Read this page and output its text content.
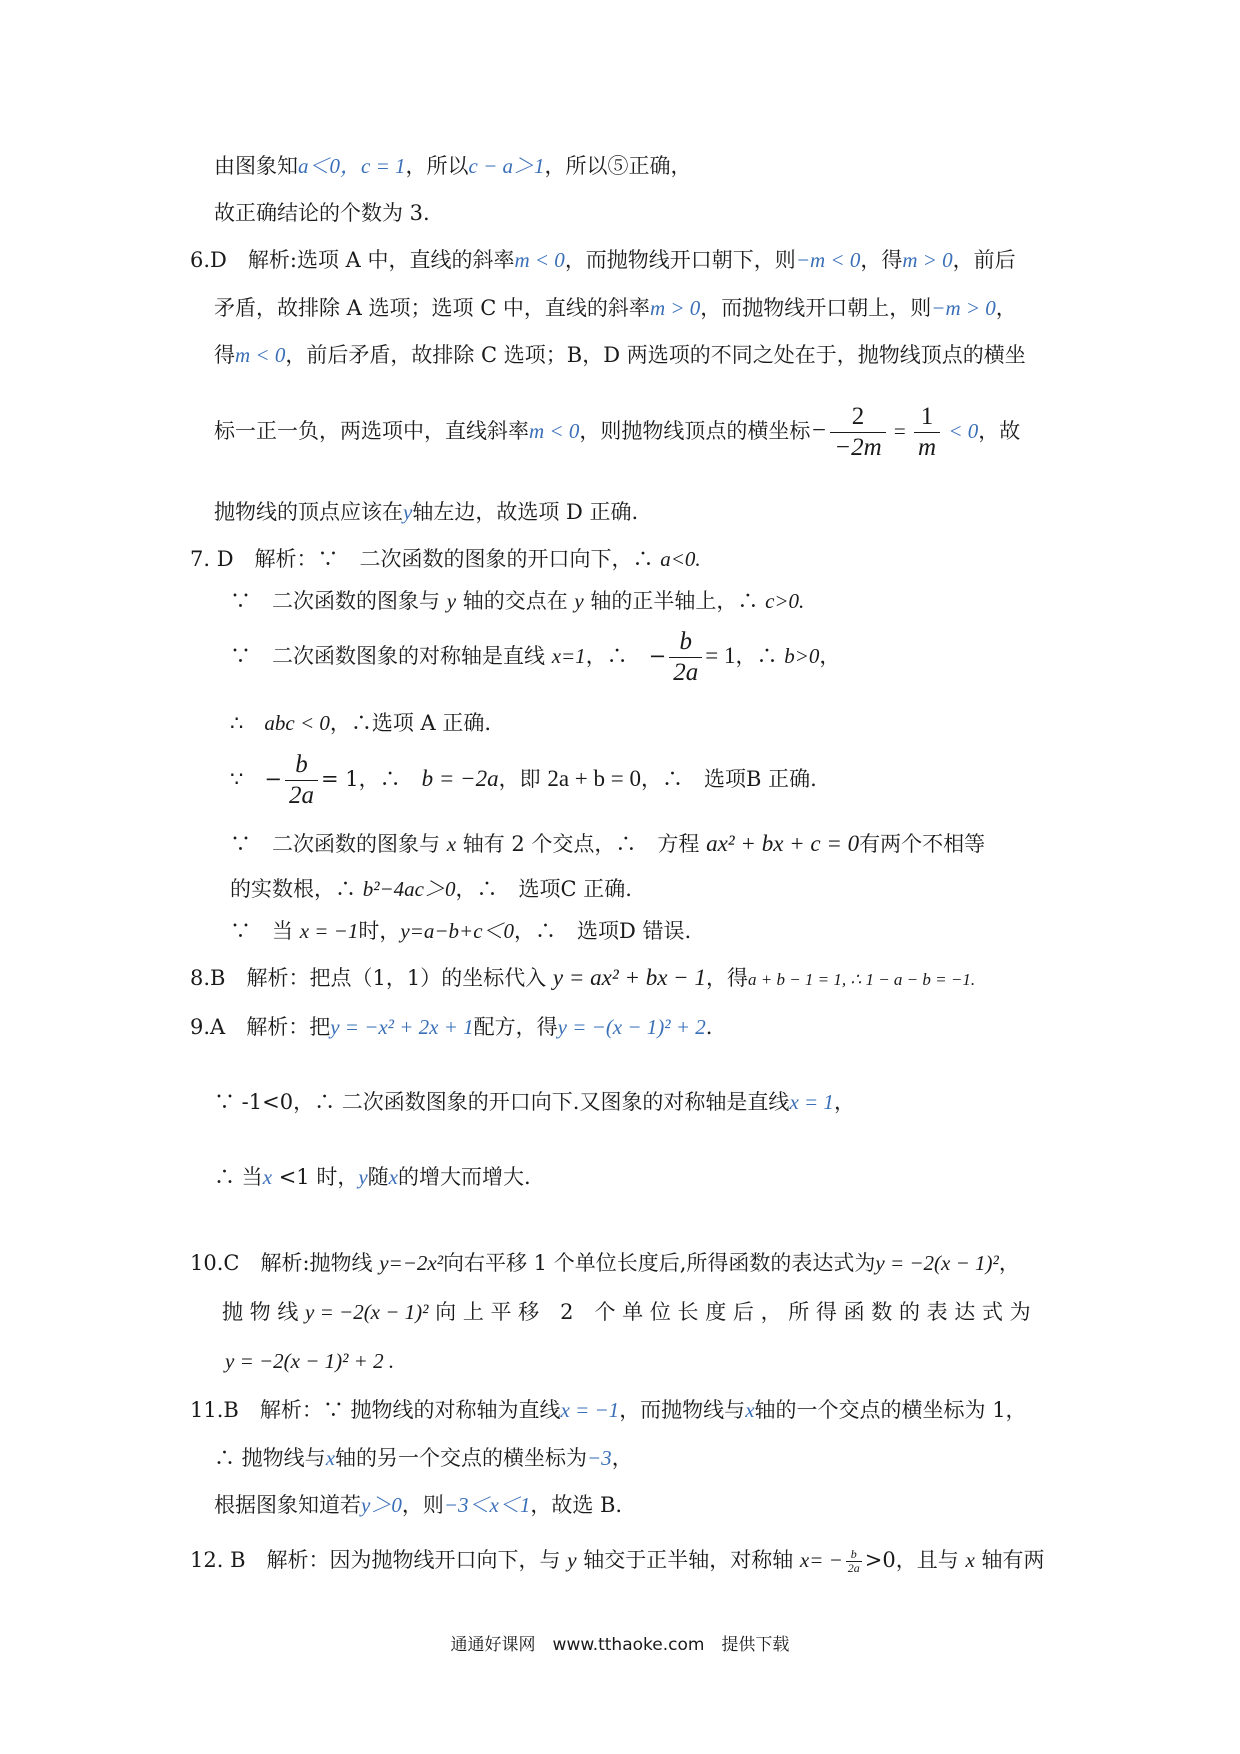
由图象知a＜0，c = 1，所以c − a＞1，所以⑤正确，
故正确结论的个数为 3.
6.D　解析:选项 A 中，直线的斜率m < 0，而抛物线开口朝下，则−m < 0，得m > 0，前后
矛盾，故排除 A 选项；选项 C 中，直线的斜率m > 0，而抛物线开口朝上，则−m > 0，
得m < 0，前后矛盾，故排除 C 选项；B，D 两选项的不同之处在于，抛物线顶点的横坐
标一正一负，两选项中，直线斜率m < 0，则抛物线顶点的横坐标− $\frac{2}{-2m} = \frac{1}{m} < 0$，故
抛物线的顶点应该在y轴左边，故选项 D 正确.
7. D　解析：∵　二次函数的图象的开口向下，∴ a<0.
∵　二次函数的图象与 y 轴的交点在 y 轴的正半轴上，∴ c>0.
∵　二次函数图象的对称轴是直线 x=1，∴　− $\frac{b}{2a} = 1$，∴ b>0，
∴　abc < 0，∴选项 A 正确.
∵　− $\frac{b}{2a} = 1$，∴　b = −2a，即 2a + b = 0，∴　选项B 正确.
∵　二次函数的图象与 x 轴有 2 个交点，∴　方程 ax² + bx + c = 0有两个不相等
的实数根，∴ b²−4ac＞0，∴　选项C 正确.
∵　当 x = −1时，y=a−b+c＜0，∴　选项D 错误.
8.B　解析：把点（1，1）的坐标代入 y = ax² + bx − 1，得a + b − 1 = 1, ∴ 1 − a − b = −1.
9.A　解析：把y = −x² + 2x + 1配方，得y = −(x − 1)² + 2.
∵ -1<0，∴ 二次函数图象的开口向下.又图象的对称轴是直线x = 1，
∴ 当x <1 时，y随x的增大而增大.
10.C　解析:抛物线 y=−2x²向右平移 1 个单位长度后,所得函数的表达式为y = −2(x − 1)²，
抛 物 线 y = −2(x − 1)² 向 上 平 移　2　个 单 位 长 度 后 ， 所 得 函 数 的 表 达 式 为
y = −2(x − 1)² + 2 .
11.B　解析：∵ 抛物线的对称轴为直线x = −1，而抛物线与x轴的一个交点的横坐标为 1，
∴ 抛物线与x轴的另一个交点的横坐标为−3，
根据图象知道若y＞0，则−3＜x＜1，故选 B.
12. B　解析：因为抛物线开口向下，与 y 轴交于正半轴，对称轴 $x= - \frac{b}{2a} >0$，且与 x 轴有两
通通好课网　www.tthaoke.com　提供下载
